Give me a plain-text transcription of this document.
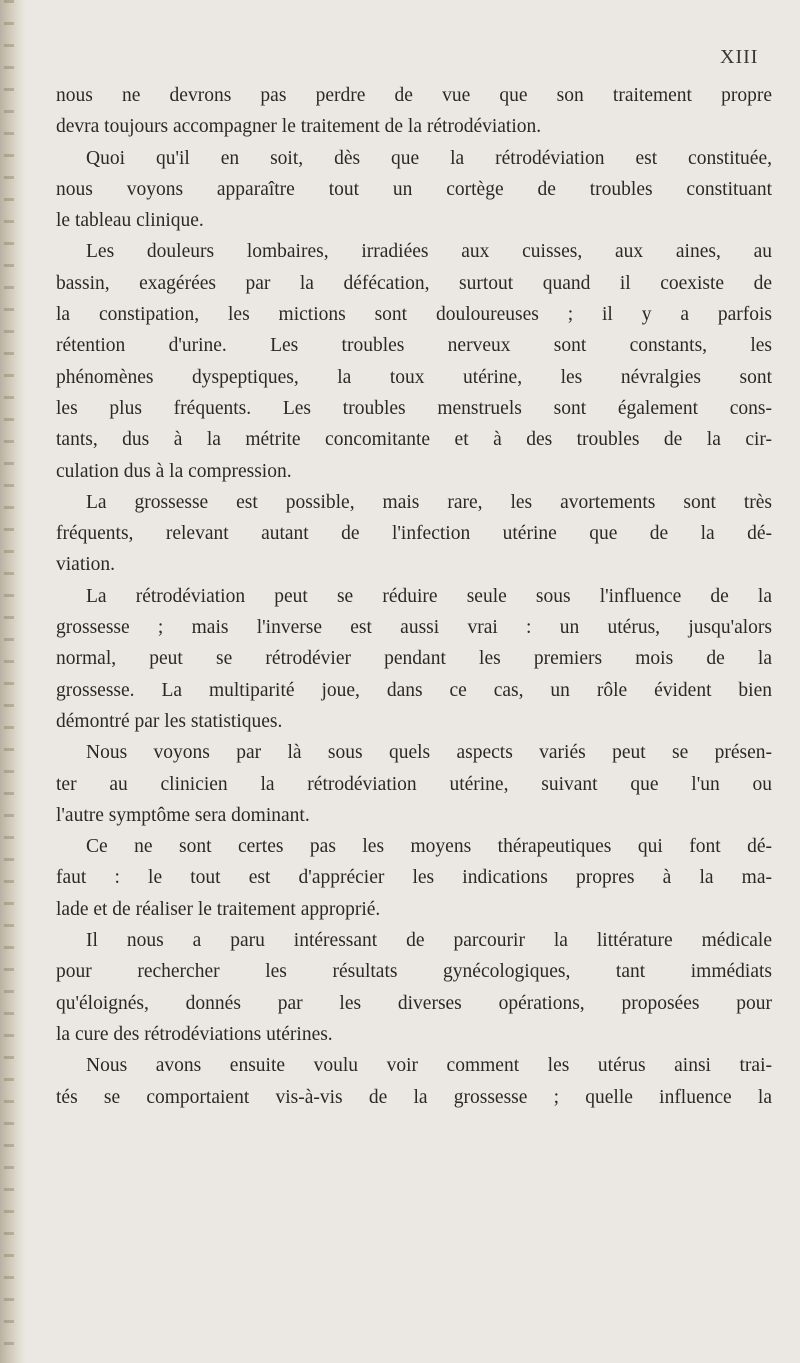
XIII
nous ne devrons pas perdre de vue que son traitement propre
devra toujours accompagner le traitement de la rétrodéviation.
Quoi qu'il en soit, dès que la rétrodéviation est constituée,
nous voyons apparaître tout un cortège de troubles constituant
le tableau clinique.
Les douleurs lombaires, irradiées aux cuisses, aux aines, au
bassin, exagérées par la défécation, surtout quand il coexiste de
la constipation, les mictions sont douloureuses ; il y a parfois
rétention d'urine. Les troubles nerveux sont constants, les
phénomènes dyspeptiques, la toux utérine, les névralgies sont
les plus fréquents. Les troubles menstruels sont également cons-
tants, dus à la métrite concomitante et à des troubles de la cir-
culation dus à la compression.
La grossesse est possible, mais rare, les avortements sont très
fréquents, relevant autant de l'infection utérine que de la dé-
viation.
La rétrodéviation peut se réduire seule sous l'influence de la
grossesse ; mais l'inverse est aussi vrai : un utérus, jusqu'alors
normal, peut se rétrodévier pendant les premiers mois de la
grossesse. La multiparité joue, dans ce cas, un rôle évident bien
démontré par les statistiques.
Nous voyons par là sous quels aspects variés peut se présen-
ter au clinicien la rétrodéviation utérine, suivant que l'un ou
l'autre symptôme sera dominant.
Ce ne sont certes pas les moyens thérapeutiques qui font dé-
faut : le tout est d'apprécier les indications propres à la ma-
lade et de réaliser le traitement approprié.
Il nous a paru intéressant de parcourir la littérature médicale
pour rechercher les résultats gynécologiques, tant immédiats
qu'éloignés, donnés par les diverses opérations, proposées pour
la cure des rétrodéviations utérines.
Nous avons ensuite voulu voir comment les utérus ainsi trai-
tés se comportaient vis-à-vis de la grossesse ; quelle influence la
